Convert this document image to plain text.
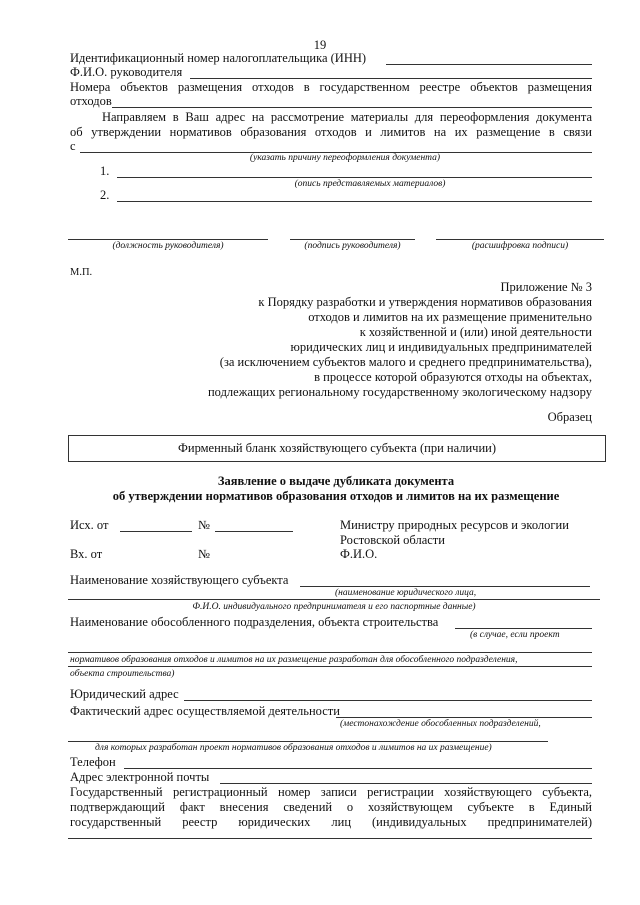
19
Идентификационный номер налогоплательщика (ИНН)
Ф.И.О. руководителя
Номера объектов размещения отходов в государственном реестре объектов размещения
отходов
Направляем в Ваш адрес на рассмотрение материалы для переоформления документа
об утверждении нормативов образования отходов и лимитов на их размещение в связи
с
(указать причину переоформления документа)
1.
(опись представляемых материалов)
2.
(должность руководителя)	(подпись руководителя)	(расшифровка подписи)
М.П.
Приложение № 3
к Порядку разработки и утверждения нормативов образования
отходов и лимитов на их размещение применительно
к хозяйственной и (или) иной деятельности
юридических лиц и индивидуальных предпринимателей
(за исключением субъектов малого и среднего предпринимательства),
в процессе которой образуются отходы на объектах,
подлежащих региональному государственному экологическому надзору
Образец
Фирменный бланк хозяйствующего субъекта (при наличии)
Заявление о выдаче дубликата документа
об утверждении нормативов образования отходов и лимитов на их размещение
Исх. от	№	Министру природных ресурсов и экологии
Ростовской области
Вх. от	№	Ф.И.О.
Наименование хозяйствующего субъекта
(наименование юридического лица,
Ф.И.О. индивидуального предпринимателя и его паспортные данные)
Наименование обособленного подразделения, объекта строительства
(в случае, если проект
нормативов образования отходов и лимитов на их размещение разработан для обособленного подразделения,
объекта строительства)
Юридический адрес
Фактический адрес осуществляемой деятельности
(местонахождение обособленных подразделений,
для которых разработан проект нормативов образования отходов и лимитов на их размещение)
Телефон
Адрес электронной почты
Государственный регистрационный номер записи регистрации хозяйствующего субъекта,
подтверждающий факт внесения сведений о хозяйствующем субъекте в Единый
государственный реестр юридических лиц (индивидуальных предпринимателей)
